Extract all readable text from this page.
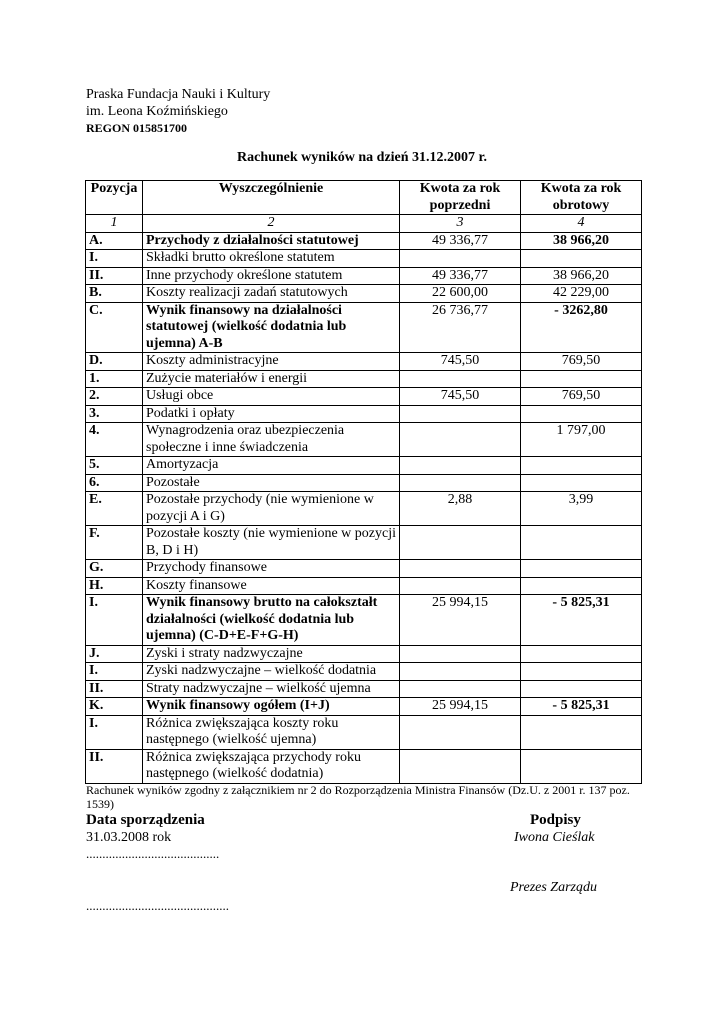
Praska Fundacja Nauki i Kultury
im. Leona Koźmińskiego
REGON 015851700
Rachunek wyników na dzień 31.12.2007 r.
Pozycja	Wyszczególnienie	Kwota za rok poprzedni	Kwota za rok obrotowy
1	2	3	4
A.	Przychody z działalności statutowej	49 336,77	38 966,20
I.	Składki brutto określone statutem		
II.	Inne przychody określone statutem	49 336,77	38 966,20
B.	Koszty realizacji zadań statutowych	22 600,00	42 229,00
C.	Wynik finansowy na działalności statutowej (wielkość dodatnia lub ujemna) A-B	26 736,77	- 3262,80
D.	Koszty administracyjne	745,50	769,50
1.	Zużycie materiałów i energii		
2.	Usługi obce	745,50	769,50
3.	Podatki i opłaty		
4.	Wynagrodzenia oraz ubezpieczenia społeczne i inne świadczenia		1 797,00
5.	Amortyzacja		
6.	Pozostałe		
E.	Pozostałe przychody (nie wymienione w pozycji A i G)	2,88	3,99
F.	Pozostałe koszty (nie wymienione w pozycji B, D i H)		
G.	Przychody finansowe		
H.	Koszty finansowe		
I.	Wynik finansowy brutto na całokształt działalności (wielkość dodatnia lub ujemna) (C-D+E-F+G-H)	25 994,15	- 5 825,31
J.	Zyski i straty nadzwyczajne		
I.	Zyski nadzwyczajne – wielkość dodatnia		
II.	Straty nadzwyczajne – wielkość ujemna		
K.	Wynik finansowy ogółem (I+J)	25 994,15	- 5 825,31
I.	Różnica zwiększająca koszty roku następnego (wielkość ujemna)		
II.	Różnica zwiększająca przychody roku następnego (wielkość dodatnia)		
Rachunek wyników zgodny z załącznikiem nr 2 do Rozporządzenia Ministra Finansów (Dz.U. z 2001 r. 137 poz. 1539)
Data sporządzenia
31.03.2008 rok
.........................................
............................................
Podpisy
Iwona Cieślak
Prezes Zarządu
